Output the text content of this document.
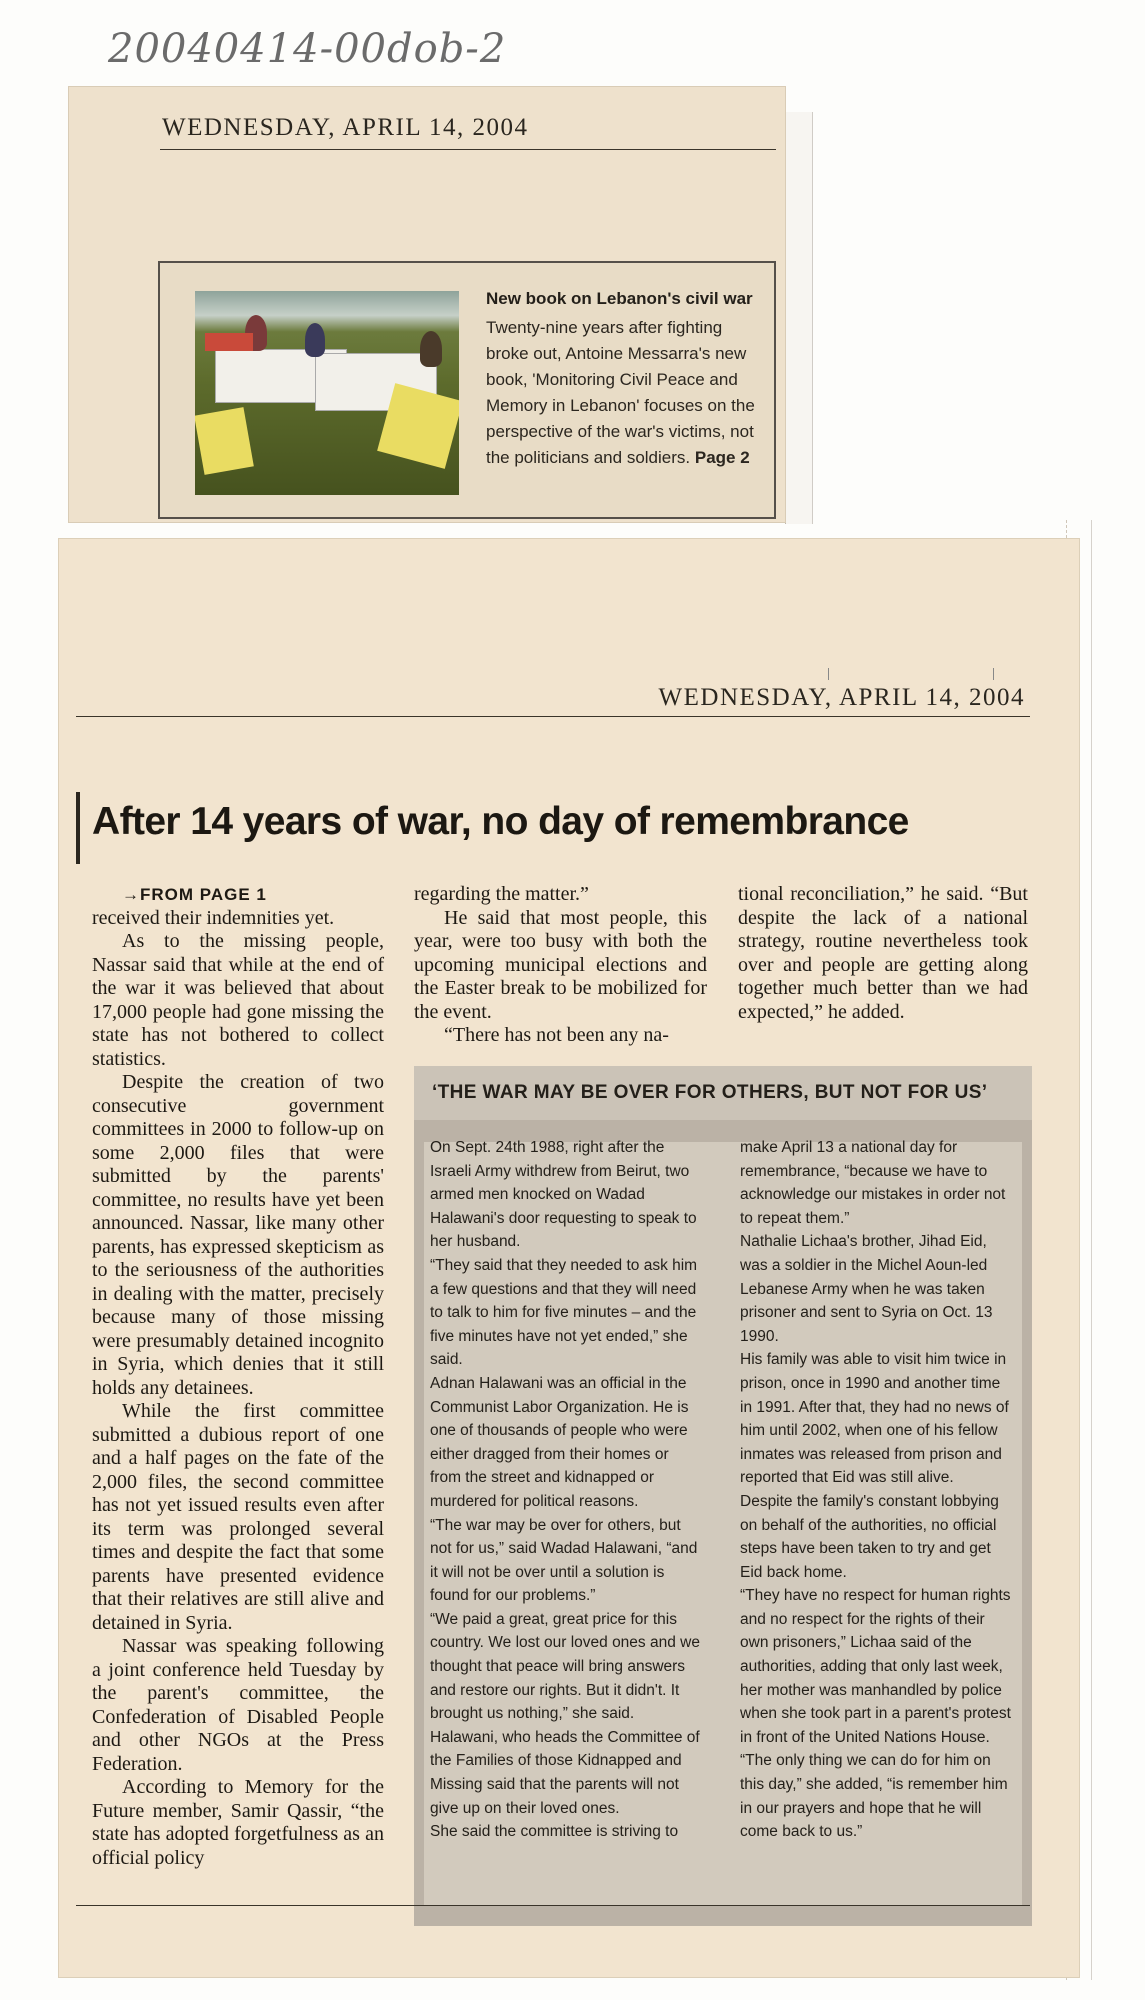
20040414-00dob-2
WEDNESDAY, APRIL 14, 2004
New book on Lebanon's civil war
Twenty-nine years after fighting broke out, Antoine Messarra's new book, 'Monitoring Civil Peace and Memory in Lebanon' focuses on the perspective of the war's victims, not the politicians and soldiers. Page 2
WEDNESDAY, APRIL 14, 2004
After 14 years of war, no day of remembrance

→FROM PAGE 1

received their indemnities yet.

As to the missing people, Nassar said that while at the end of the war it was believed that about 17,000 people had gone missing the state has not bothered to collect statistics.

Despite the creation of two consecutive government committees in 2000 to follow-up on some 2,000 files that were submitted by the parents' committee, no results have yet been announced. Nassar, like many other parents, has expressed skepticism as to the seriousness of the authorities in dealing with the matter, precisely because many of those missing were presumably detained incognito in Syria, which denies that it still holds any detainees.

While the first committee submitted a dubious report of one and a half pages on the fate of the 2,000 files, the second committee has not yet issued results even after its term was prolonged several times and despite the fact that some parents have presented evidence that their relatives are still alive and detained in Syria.

Nassar was speaking following a joint conference held Tuesday by the parent's committee, the Confederation of Disabled People and other NGOs at the Press Federation.

According to Memory for the Future member, Samir Qassir, “the state has adopted forgetfulness as an official policy

regarding the matter.”

He said that most people, this year, were too busy with both the upcoming municipal elections and the Easter break to be mobilized for the event.

“There has not been any na-

tional reconciliation,” he said. “But despite the lack of a national strategy, routine nevertheless took over and people are getting along together much better than we had expected,” he added.

‘THE WAR MAY BE OVER FOR OTHERS, BUT NOT FOR US’

On Sept. 24th 1988, right after the Israeli Army withdrew from Beirut, two armed men knocked on Wadad Halawani's door requesting to speak to her husband.

“They said that they needed to ask him a few questions and that they will need to talk to him for five minutes – and the five minutes have not yet ended,” she said.

Adnan Halawani was an official in the Communist Labor Organization. He is one of thousands of people who were either dragged from their homes or from the street and kidnapped or murdered for political reasons.

“The war may be over for others, but not for us,” said Wadad Halawani, “and it will not be over until a solution is found for our problems.”

“We paid a great, great price for this country. We lost our loved ones and we thought that peace will bring answers and restore our rights. But it didn't. It brought us nothing,” she said.

Halawani, who heads the Committee of the Families of those Kidnapped and Missing said that the parents will not give up on their loved ones.

She said the committee is striving to

make April 13 a national day for remembrance, “because we have to acknowledge our mistakes in order not to repeat them.”

Nathalie Lichaa's brother, Jihad Eid, was a soldier in the Michel Aoun-led Lebanese Army when he was taken prisoner and sent to Syria on Oct. 13 1990.

His family was able to visit him twice in prison, once in 1990 and another time in 1991. After that, they had no news of him until 2002, when one of his fellow inmates was released from prison and reported that Eid was still alive.

Despite the family's constant lobbying on behalf of the authorities, no official steps have been taken to try and get Eid back home.

“They have no respect for human rights and no respect for the rights of their own prisoners,” Lichaa said of the authorities, adding that only last week, her mother was manhandled by police when she took part in a parent's protest in front of the United Nations House.

“The only thing we can do for him on this day,” she added, “is remember him in our prayers and hope that he will come back to us.”
